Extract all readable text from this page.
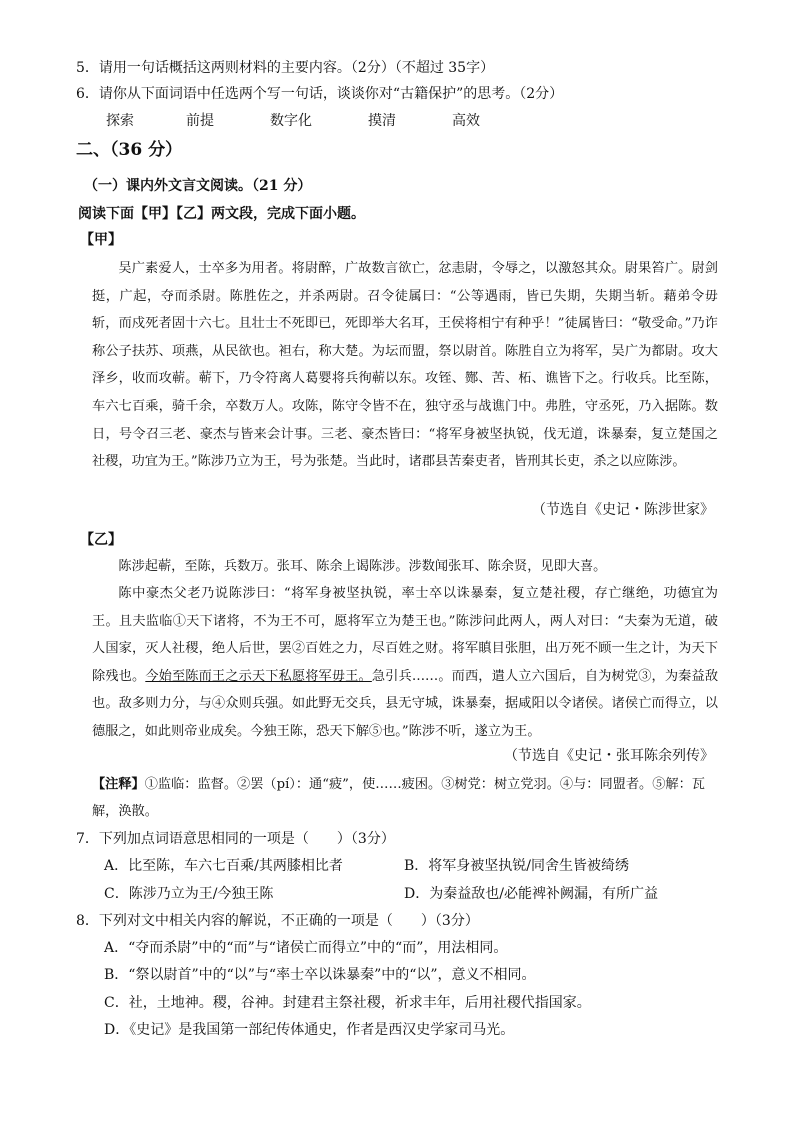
5．请用一句话概括这两则材料的主要内容。（2分）（不超过 35字）
6．请你从下面词语中任选两个写一句话，谈谈你对“古籍保护”的思考。（2分）
探索	前提	数字化	摸清	高效
二、（36 分）
（一）课内外文言文阅读。（21 分）
阅读下面【甲】【乙】两文段，完成下面小题。
【甲】
吴广素爱人，士卒多为用者。将尉醉，广故数言欲亡，忿恚尉，令辱之，以激怒其众。尉果笞广。尉剑挺，广起，夺而杀尉。陈胜佐之，并杀两尉。召令徒属曰：“公等遇雨，皆已失期，失期当斩。藉弟令毋斩，而戍死者固十六七。且壮士不死即已，死即举大名耳，王侯将相宁有种乎！”徒属皆曰：“敬受命。”乃诈称公子扶苏、项燕，从民欲也。袒右，称大楚。为坛而盟，祭以尉首。陈胜自立为将军，吴广为都尉。攻大泽乡，收而攻蕲。蕲下，乃令符离人葛婴将兵徇蕲以东。攻铚、酂、苦、柘、谯皆下之。行收兵。比至陈，车六七百乘，骑千余，卒数万人。攻陈，陈守令皆不在，独守丞与战谯门中。弗胜，守丞死，乃入据陈。数日，号令召三老、豪杰与皆来会计事。三老、豪杰皆曰：“将军身被坚执锐，伐无道，诛暴秦，复立楚国之社稷，功宜为王。”陈涉乃立为王，号为张楚。当此时，诸郡县苦秦吏者，皆刑其长吏，杀之以应陈涉。
（节选自《史记・陈涉世家》
【乙】
陈涉起蕲，至陈，兵数万。张耳、陈余上谒陈涉。涉数闻张耳、陈余贤，见即大喜。
陈中豪杰父老乃说陈涉曰：“将军身被坚执锐，率士卒以诛暴秦，复立楚社稷，存亡继绝，功德宜为王。且夫监临①天下诸将，不为王不可，愿将军立为楚王也。”陈涉问此两人，两人对曰：“夫秦为无道，破人国家，灭人社稷，绝人后世，罢②百姓之力，尽百姓之财。将军瞋目张胆，出万死不顾一生之计，为天下除残也。今始至陈而王之示天下私愿将军毋王。急引兵……。而西，遣人立六国后，自为树党③，为秦益敌也。敌多则力分，与④众则兵强。如此野无交兵，县无守城，诛暴秦，据咸阳以令诸侯。诸侯亡而得立，以德服之，如此则帝业成矣。今独王陈，恐天下解⑤也。”陈涉不听，遂立为王。
（节选自《史记・张耳陈余列传》
【注释】①监临：监督。②罢（pí）：通“疲”，使……疲困。③树党：树立党羽。④与：同盟者。⑤解：瓦解，涣散。
7．下列加点词语意思相同的一项是（　　）（3分）
A．比至陈，车六七百乘/其两膝相比者	B．将军身被坚执锐/同舍生皆被绮绣
C．陈涉乃立为王/今独王陈	D．为秦益敌也/必能裨补阙漏，有所广益
8．下列对文中相关内容的解说，不正确的一项是（　　）（3分）
A．“夺而杀尉”中的“而”与“诸侯亡而得立”中的“而”，用法相同。
B．“祭以尉首”中的“以”与“率士卒以诛暴秦”中的“以”，意义不相同。
C．社，土地神。稷，谷神。封建君主祭社稷，祈求丰年，后用社稷代指国家。
D．《史记》是我国第一部纪传体通史，作者是西汉史学家司马光。
